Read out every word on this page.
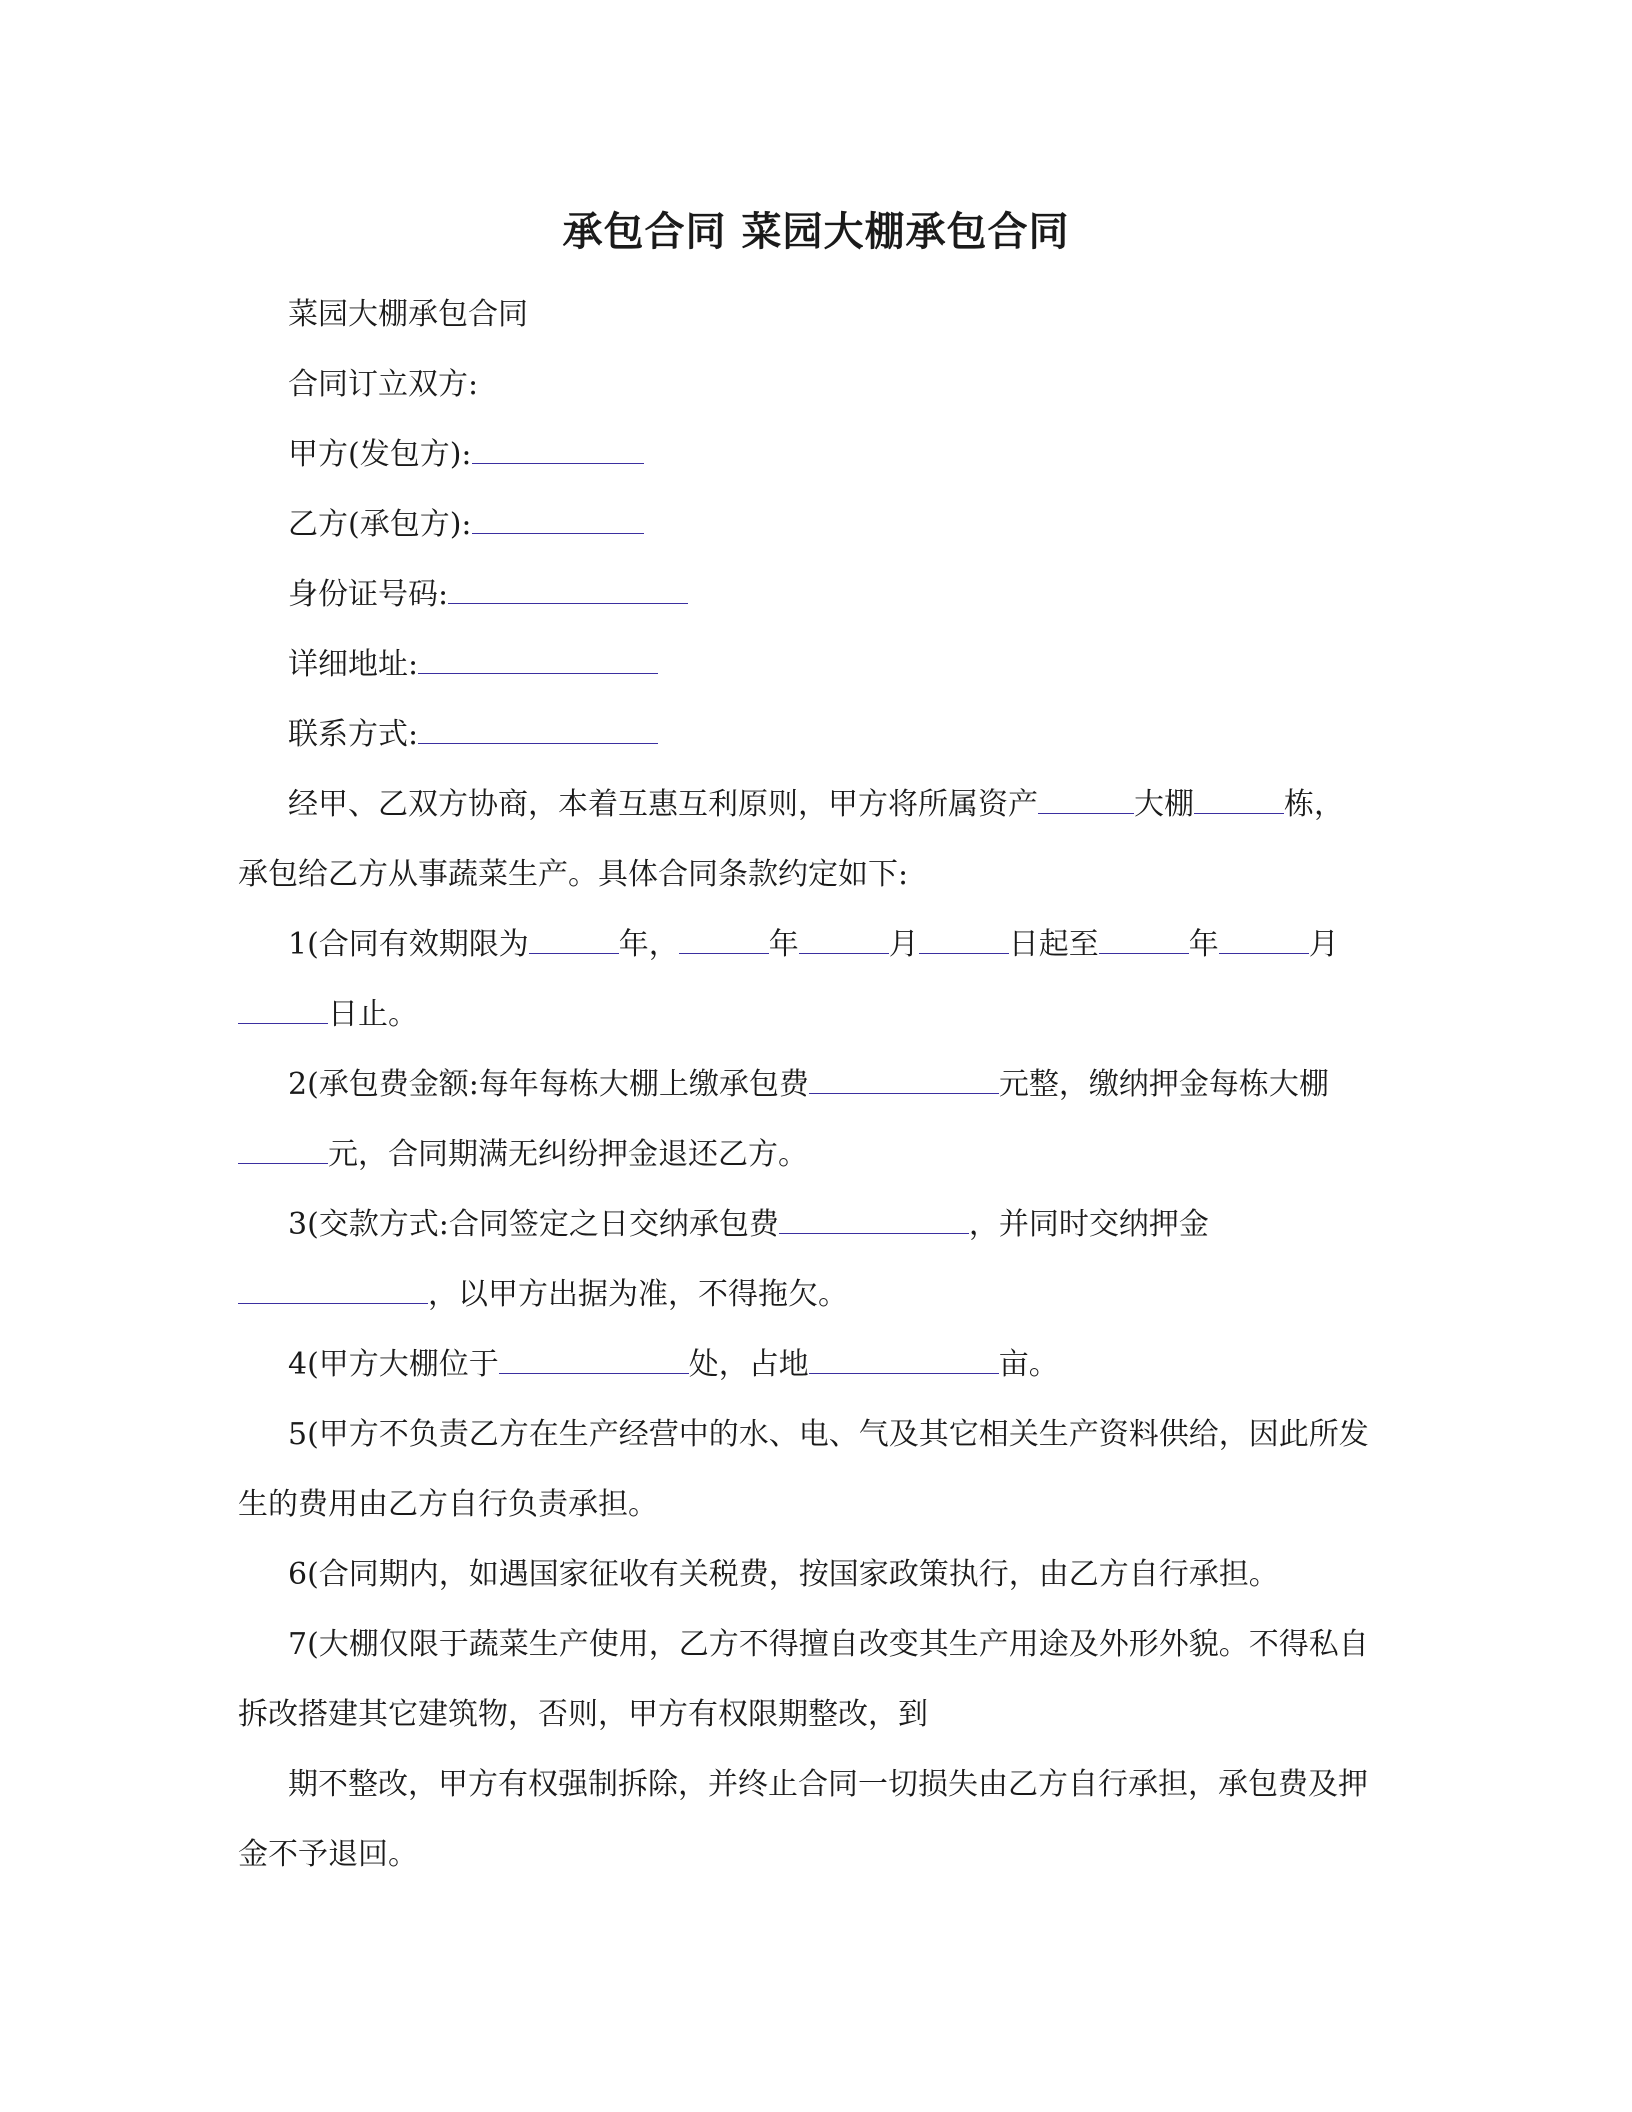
承包合同 菜园大棚承包合同

菜园大棚承包合同

合同订立双方:

甲方(发包方):

乙方(承包方):

身份证号码:

详细地址:

联系方式:

经甲、乙双方协商，本着互惠互利原则，甲方将所属资产	大棚	栋，承包给乙方从事蔬菜生产。具体合同条款约定如下:

1(合同有效期限为	年，	年	月	日起至	年	月日止。

2(承包费金额:每年每栋大棚上缴承包费	元整，缴纳押金每栋大棚元，合同期满无纠纷押金退还乙方。

3(交款方式:合同签定之日交纳承包费	，并同时交纳押金，以甲方出据为准，不得拖欠。

4(甲方大棚位于	处，占地	亩。

5(甲方不负责乙方在生产经营中的水、电、气及其它相关生产资料供给，因此所发生的费用由乙方自行负责承担。

6(合同期内，如遇国家征收有关税费，按国家政策执行，由乙方自行承担。

7(大棚仅限于蔬菜生产使用，乙方不得擅自改变其生产用途及外形外貌。不得私自拆改搭建其它建筑物，否则，甲方有权限期整改，到

期不整改，甲方有权强制拆除，并终止合同一切损失由乙方自行承担，承包费及押金不予退回。
